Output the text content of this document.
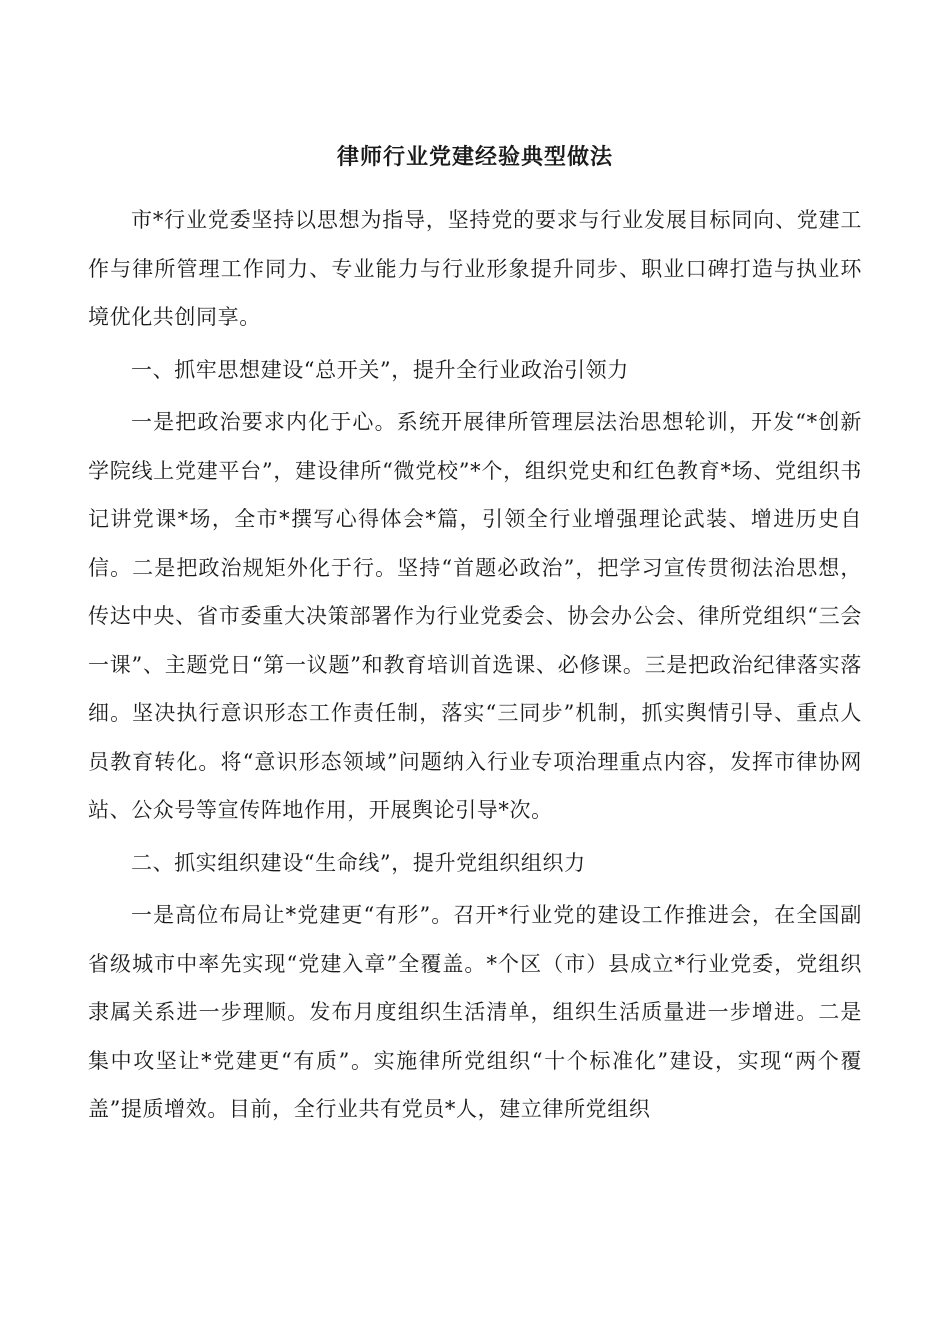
律师行业党建经验典型做法

市*行业党委坚持以思想为指导，坚持党的要求与行业发展目标同向、党建工作与律所管理工作同力、专业能力与行业形象提升同步、职业口碑打造与执业环境优化共创同享。

一、抓牢思想建设“总开关”，提升全行业政治引领力

一是把政治要求内化于心。系统开展律所管理层法治思想轮训，开发“*创新学院线上党建平台”，建设律所“微党校”*个，组织党史和红色教育*场、党组织书记讲党课*场，全市*撰写心得体会*篇，引领全行业增强理论武装、增进历史自信。二是把政治规矩外化于行。坚持“首题必政治”，把学习宣传贯彻法治思想，传达中央、省市委重大决策部署作为行业党委会、协会办公会、律所党组织“三会一课”、主题党日“第一议题”和教育培训首选课、必修课。三是把政治纪律落实落细。坚决执行意识形态工作责任制，落实“三同步”机制，抓实舆情引导、重点人员教育转化。将“意识形态领域”问题纳入行业专项治理重点内容，发挥市律协网站、公众号等宣传阵地作用，开展舆论引导*次。

二、抓实组织建设“生命线”，提升党组织组织力

一是高位布局让*党建更“有形”。召开*行业党的建设工作推进会，在全国副省级城市中率先实现“党建入章”全覆盖。*个区（市）县成立*行业党委，党组织隶属关系进一步理顺。发布月度组织生活清单，组织生活质量进一步增进。二是集中攻坚让*党建更“有质”。实施律所党组织“十个标准化”建设，实现“两个覆盖”提质增效。目前，全行业共有党员*人，建立律所党组织
